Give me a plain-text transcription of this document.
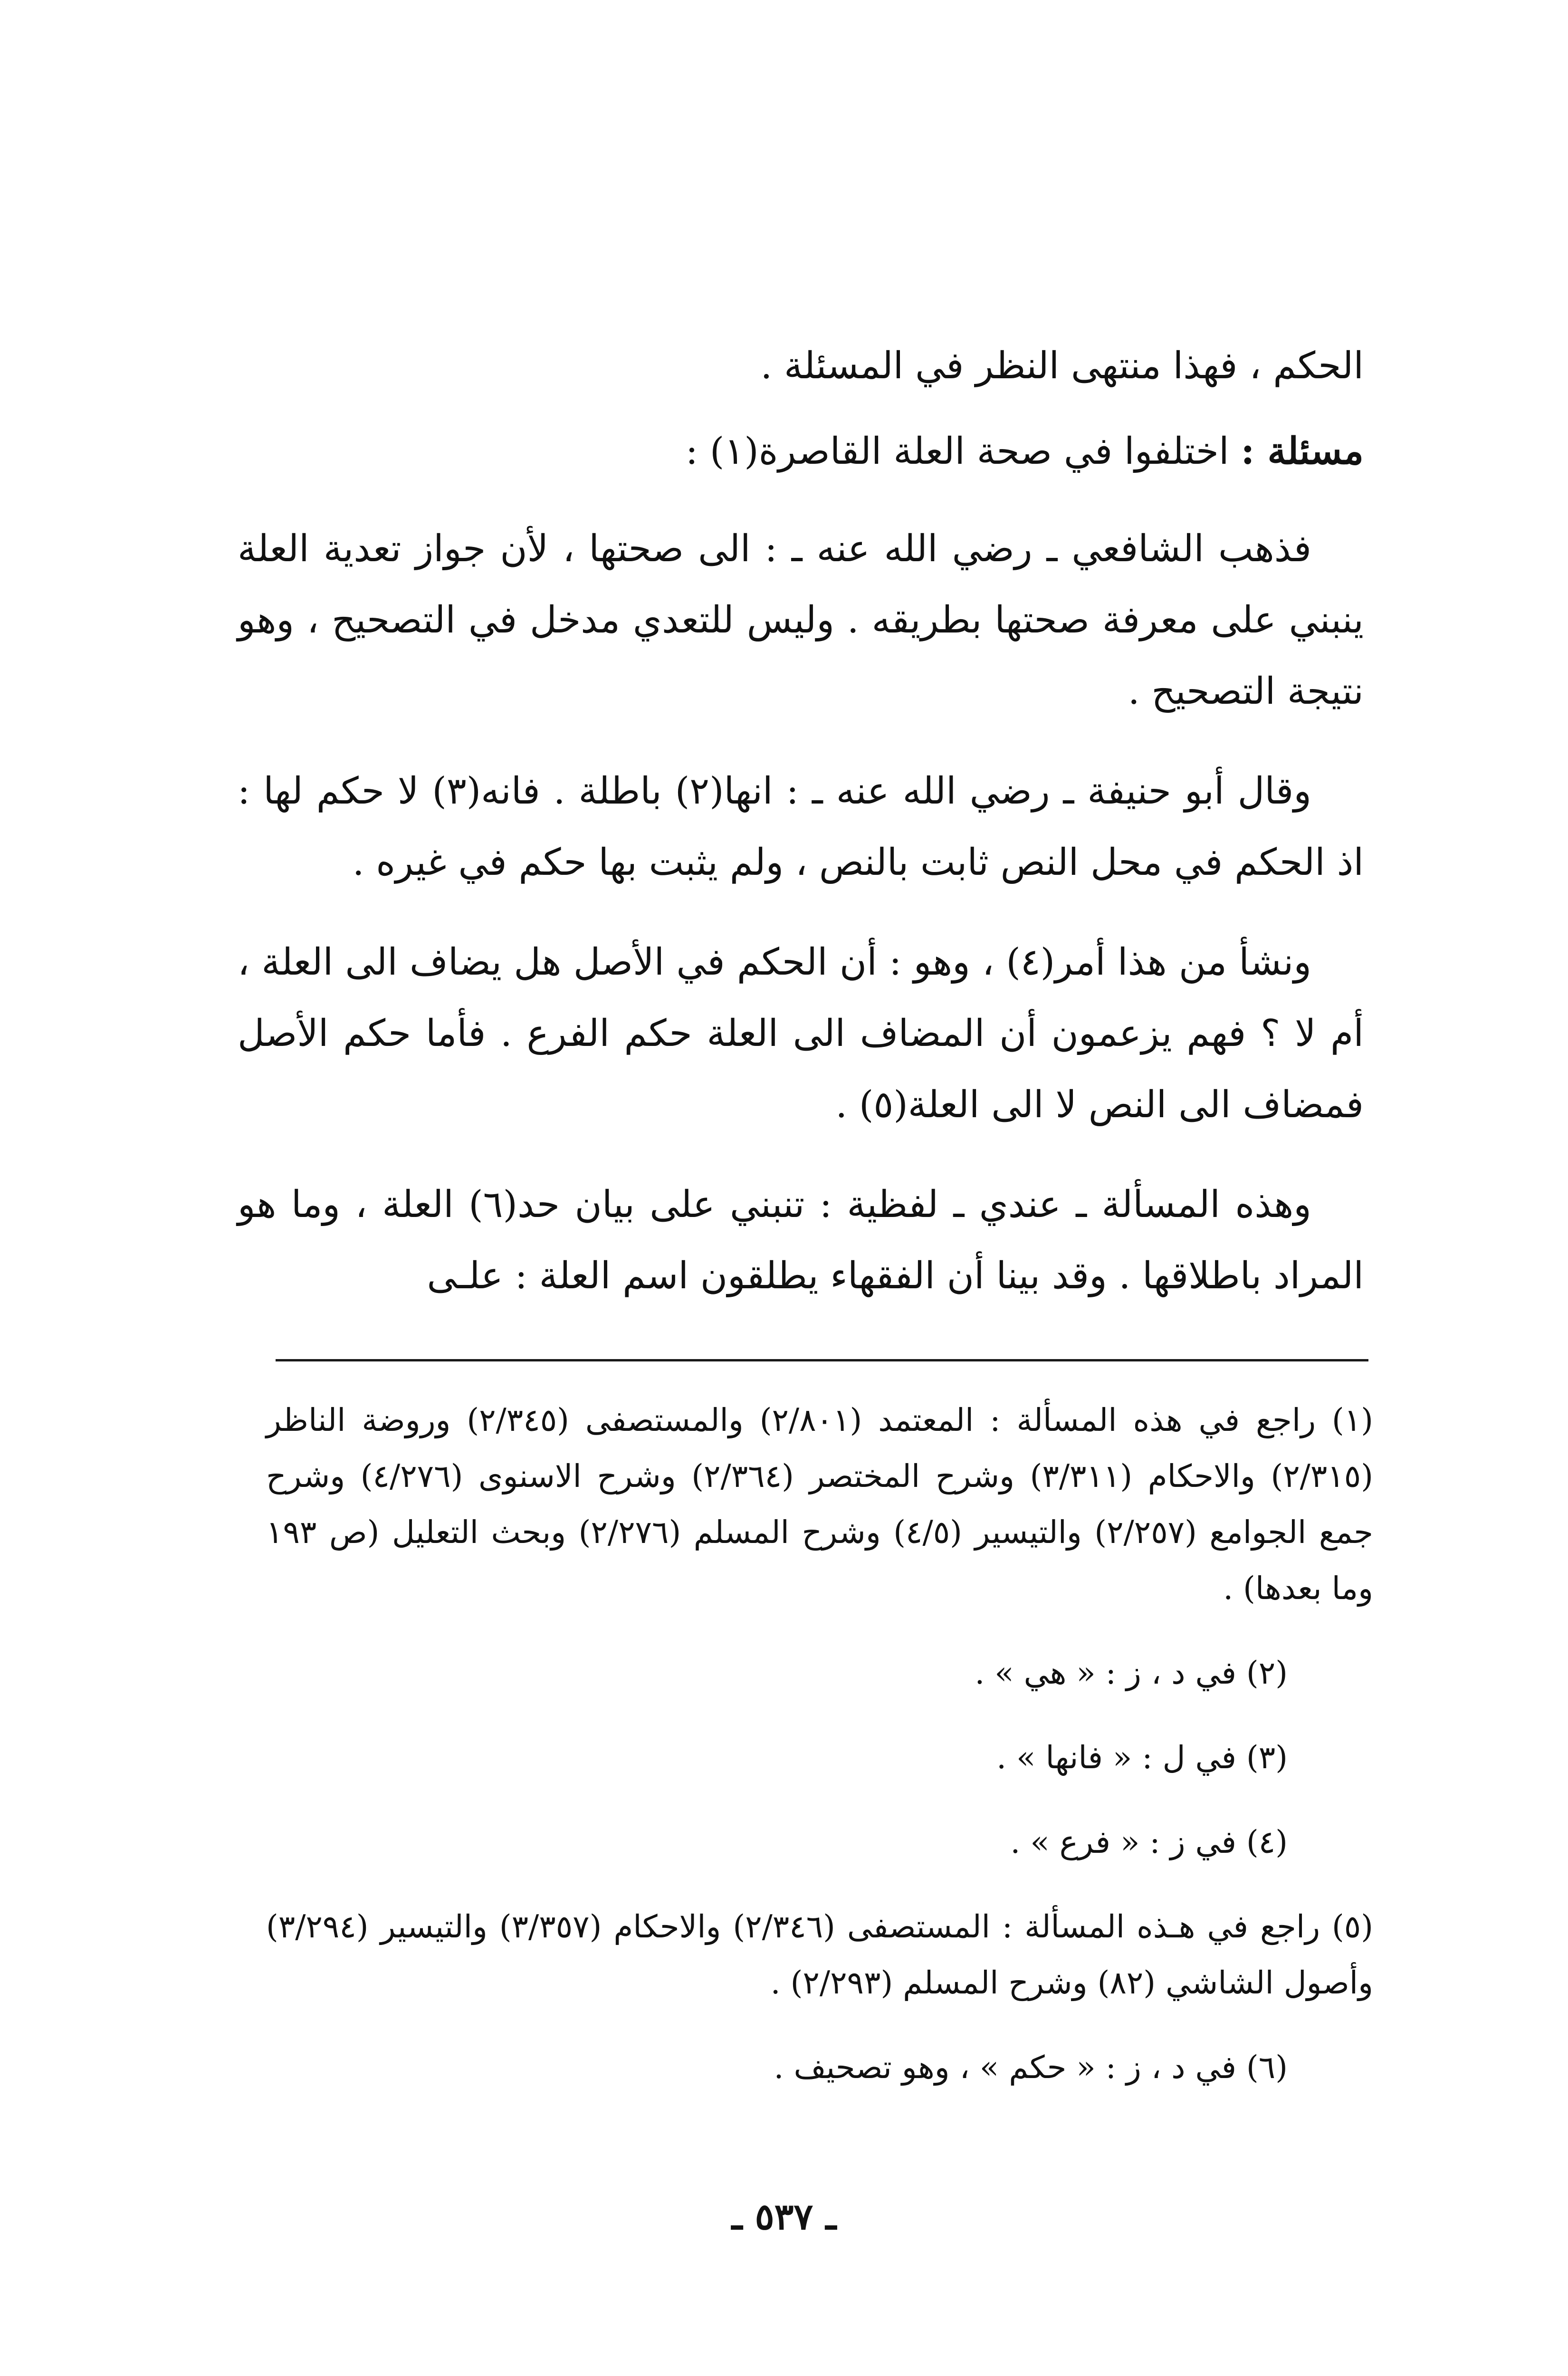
الحكم ، فهذا منتهى النظر في المسئلة .

مسئلة : اختلفوا في صحة العلة القاصرة(١) :

فذهب الشافعي ـ رضي الله عنه ـ : الى صحتها ، لأن جواز تعدية العلة ينبني على معرفة صحتها بطريقه . وليس للتعدي مدخل في التصحيح ، وهو نتيجة التصحيح .

وقال أبو حنيفة ـ رضي الله عنه ـ : انها(٢) باطلة . فانه(٣) لا حكم لها : اذ الحكم في محل النص ثابت بالنص ، ولم يثبت بها حكم في غيره .

ونشأ من هذا أمر(٤) ، وهو : أن الحكم في الأصل هل يضاف الى العلة ، أم لا ؟ فهم يزعمون أن المضاف الى العلة حكم الفرع . فأما حكم الأصل فمضاف الى النص لا الى العلة(٥) .

وهذه المسألة ـ عندي ـ لفظية : تنبني على بيان حد(٦) العلة ، وما هو المراد باطلاقها . وقد بينا أن الفقهاء يطلقون اسم العلة : علـى

(١) راجع في هذه المسألة : المعتمد (٢/٨٠١) والمستصفى (٢/٣٤٥) وروضة الناظر (٢/٣١٥) والاحكام (٣/٣١١) وشرح المختصر (٢/٣٦٤) وشرح الاسنوى (٤/٢٧٦) وشرح جمع الجوامع (٢/٢٥٧) والتيسير (٤/٥) وشرح المسلم (٢/٢٧٦) وبحث التعليل (ص ١٩٣ وما بعدها) .

(٢) في د ، ز : « هي » .

(٣) في ل : « فانها » .

(٤) في ز : « فرع » .

(٥) راجع في هـذه المسألة : المستصفى (٢/٣٤٦) والاحكام (٣/٣٥٧) والتيسير (٣/٢٩٤) وأصول الشاشي (٨٢) وشرح المسلم (٢/٢٩٣) .

(٦) في د ، ز : « حكم » ، وهو تصحيف .

ـ ٥٣٧ ـ
